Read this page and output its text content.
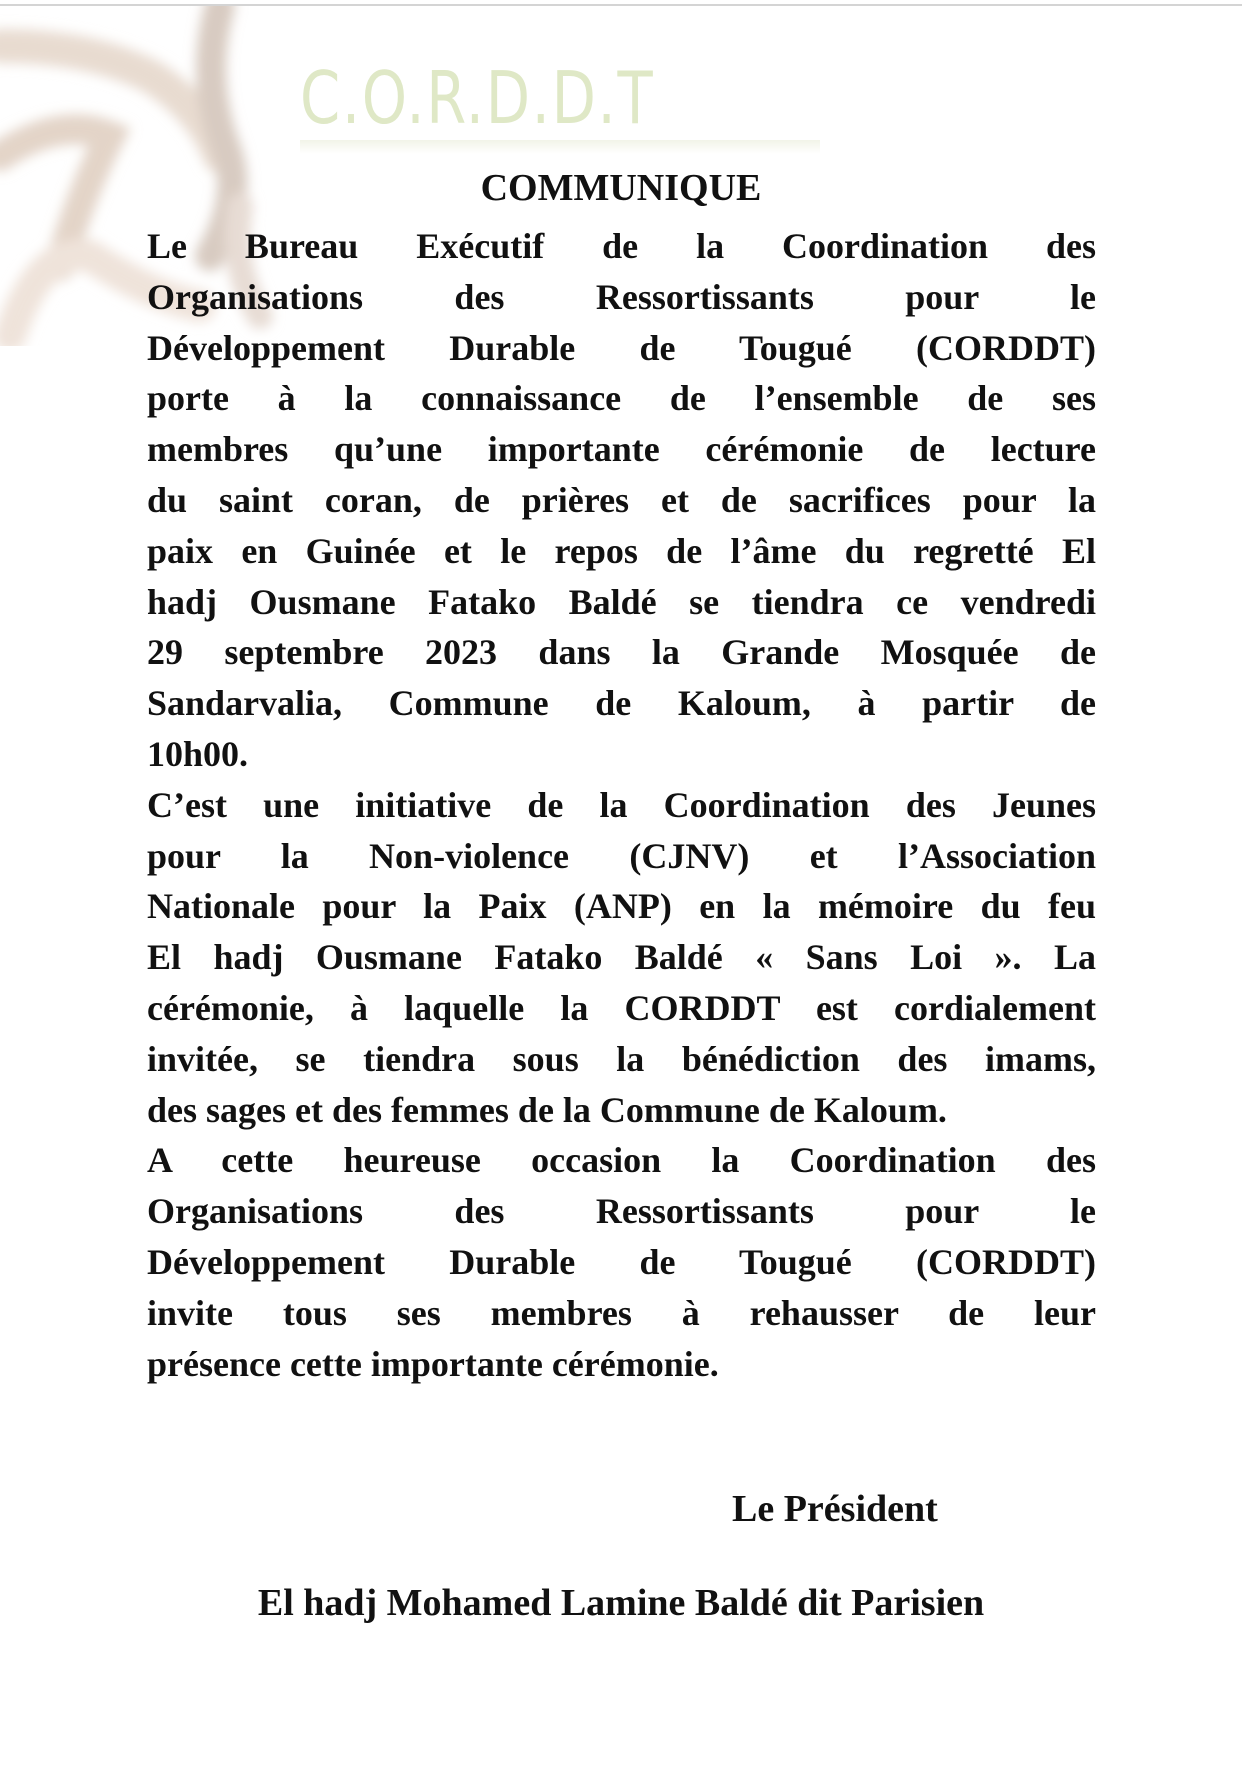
C.O.R.D.D.T
COMMUNIQUE
Le Bureau Exécutif de la Coordination des
Organisations des Ressortissants pour le
Développement Durable de Tougué (CORDDT)
porte à la connaissance de l’ensemble de ses
membres qu’une importante cérémonie de lecture
du saint coran, de prières et de sacrifices pour la
paix en Guinée et le repos de l’âme du regretté El
hadj Ousmane Fatako Baldé se tiendra ce vendredi
29 septembre 2023 dans la Grande Mosquée de
Sandarvalia, Commune de Kaloum, à partir de
10h00.
C’est une initiative de la Coordination des Jeunes
pour la Non-violence (CJNV) et l’Association
Nationale pour la Paix (ANP) en la mémoire du feu
El hadj Ousmane Fatako Baldé « Sans Loi ». La
cérémonie, à laquelle la CORDDT est cordialement
invitée, se tiendra sous la bénédiction des imams,
des sages et des femmes de la Commune de Kaloum.
A cette heureuse occasion la Coordination des
Organisations des Ressortissants pour le
Développement Durable de Tougué (CORDDT)
invite tous ses membres à rehausser de leur
présence cette importante cérémonie.
Le Président
El hadj Mohamed Lamine Baldé dit Parisien
